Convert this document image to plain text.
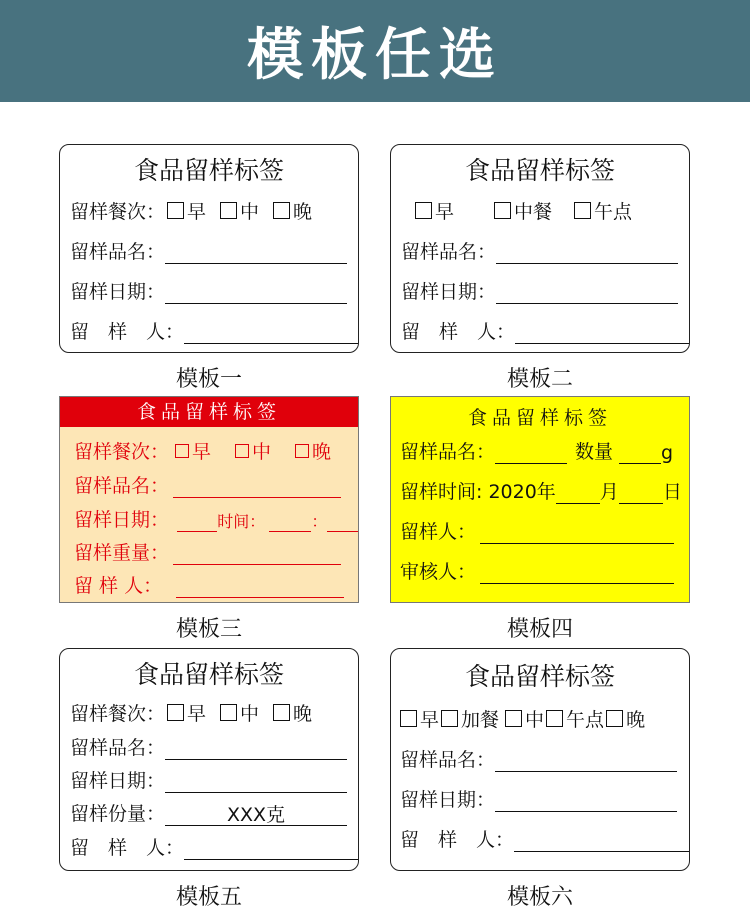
模板任选
食品留样标签
留样餐次： 早 中 晚
留样品名：
留样日期：
留　样　人：
模板一
食品留样标签
早	中餐 午点
留样品名：
留样日期：
留　样　人：
模板二
食品留样标签
留样餐次： 早 中 晚
留样品名：
留样日期：	时间：	：
留样重量：
留 样 人：
模板三
食品留样标签
留样品名：	数量	g
留样时间: 2020年 月 日
留样人：
审核人：
模板四
食品留样标签
留样餐次： 早 中 晚
留样品名：
留样日期：
留样份量：	XXX克
留　样　人：
模板五
食品留样标签
早 加餐 中 午点 晚
留样品名：
留样日期：
留　样　人：
模板六
